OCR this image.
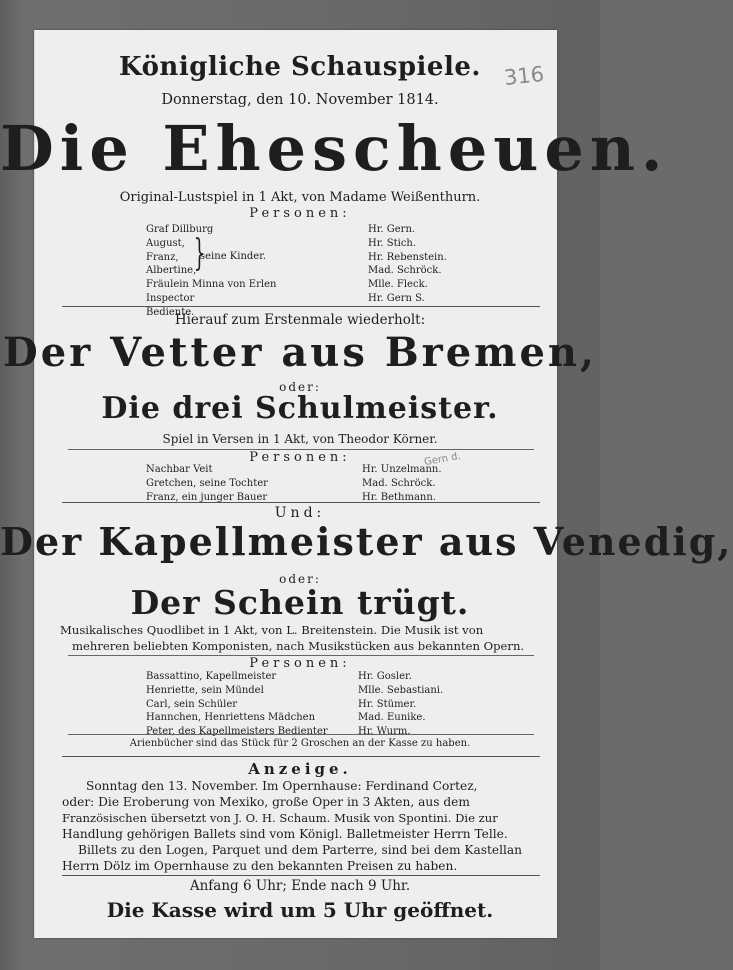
316
Königliche Schauspiele.
Donnerstag, den 10. November 1814.
Die Ehescheuen.
Original-Lustspiel in 1 Akt, von Madame Weißenthurn.
Personen:
Graf Dillburg
August,
Franz,
Albertine,
Fräulein Minna von Erlen
Inspector
Bediente.
}
seine Kinder.
Hr. Gern.
Hr. Stich.
Hr. Rebenstein.
Mad. Schröck.
Mlle. Fleck.
Hr. Gern S.
Hierauf zum Erstenmale wiederholt:
Der Vetter aus Bremen,
oder:
Die drei Schulmeister.
Spiel in Versen in 1 Akt, von Theodor Körner.
Personen:
Nachbar Veit
Gretchen, seine Tochter
Franz, ein junger Bauer
Hr. Unzelmann.
Mad. Schröck.
Hr. Bethmann.
Gern d.
Und:
Der Kapellmeister aus Venedig,
oder:
Der Schein trügt.
Musikalisches Quodlibet in 1 Akt, von L. Breitenstein. Die Musik ist von
mehreren beliebten Komponisten, nach Musikstücken aus bekannten Opern.
Personen:
Bassattino, Kapellmeister
Henriette, sein Mündel
Carl, sein Schüler
Hannchen, Henriettens Mädchen
Peter, des Kapellmeisters Bedienter
Hr. Gosler.
Mlle. Sebastiani.
Hr. Stümer.
Mad. Eunike.
Hr. Wurm.
Arienbücher sind das Stück für 2 Groschen an der Kasse zu haben.
Anzeige.
Sonntag den 13. November. Im Opernhause: Ferdinand Cortez,
oder: Die Eroberung von Mexiko, große Oper in 3 Akten, aus dem
Französischen übersetzt von J. O. H. Schaum. Musik von Spontini. Die zur
Handlung gehörigen Ballets sind vom Königl. Balletmeister Herrn Telle.
Billets zu den Logen, Parquet und dem Parterre, sind bei dem Kastellan
Herrn Dölz im Opernhause zu den bekannten Preisen zu haben.
Anfang 6 Uhr; Ende nach 9 Uhr.
Die Kasse wird um 5 Uhr geöffnet.
